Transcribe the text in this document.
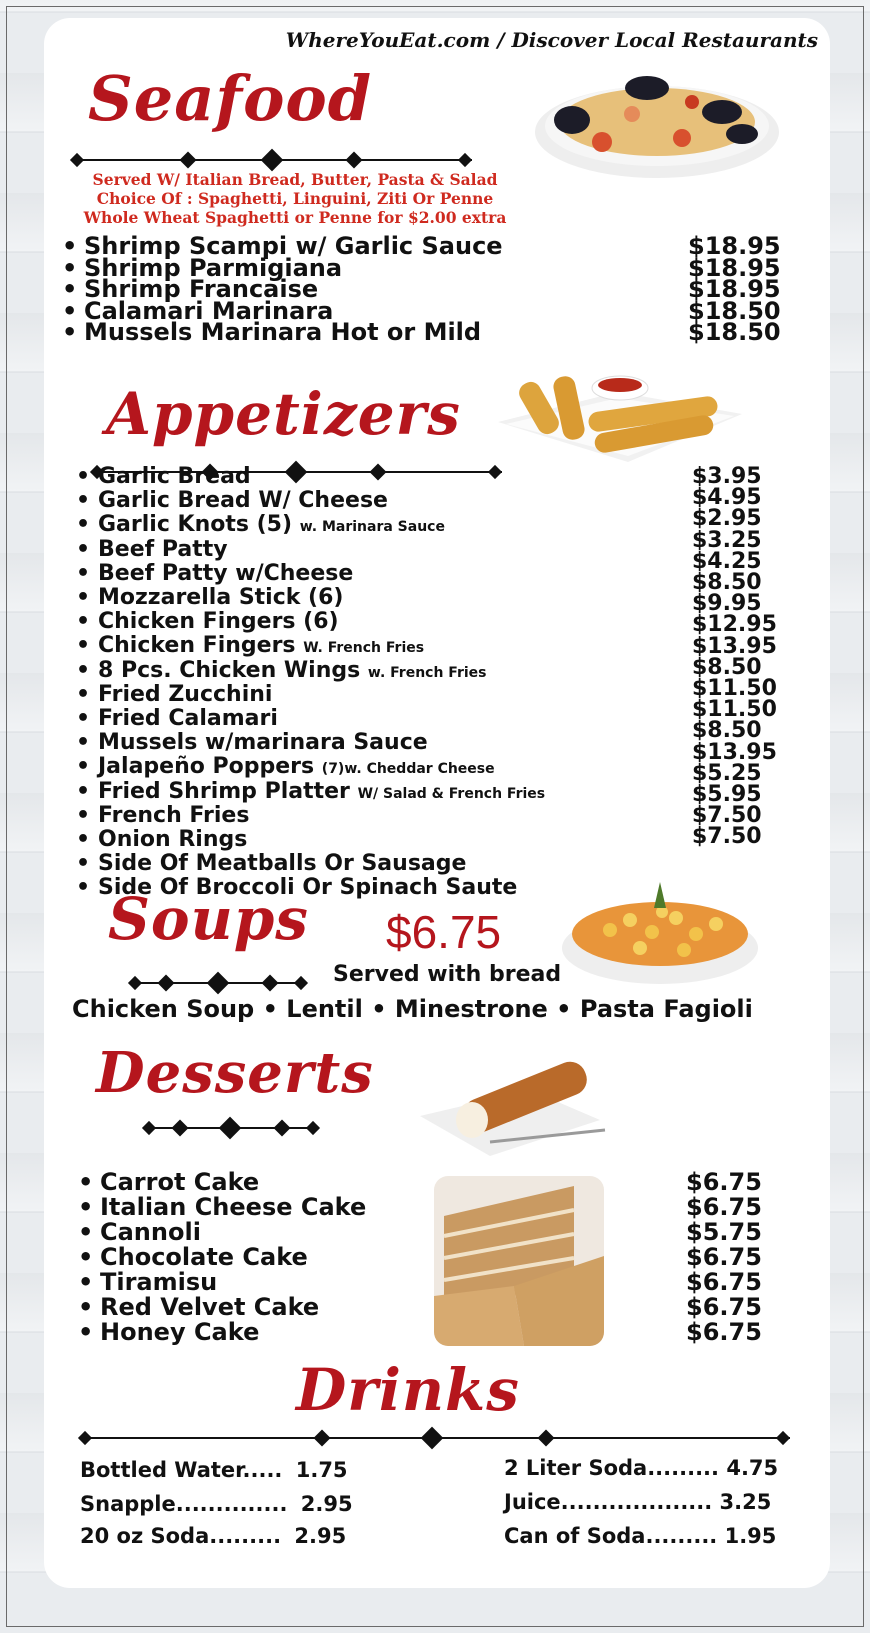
WhereYouEat.com / Discover Local Restaurants
Seafood
Served W/ Italian Bread, Butter, Pasta & Salad
Choice Of : Spaghetti, Linguini, Ziti Or Penne
Whole Wheat Spaghetti or Penne for $2.00 extra
• Shrimp Scampi w/ Garlic Sauce
• Shrimp Parmigiana
• Shrimp Francaise
• Calamari Marinara
• Mussels Marinara Hot or Mild
$18.95
$18.95
$18.95
$18.50
$18.50
Appetizers
• Garlic Bread
• Garlic Bread W/ Cheese
• Garlic Knots (5) w. Marinara Sauce
• Beef Patty
• Beef Patty w/Cheese
• Mozzarella Stick (6)
• Chicken Fingers (6)
• Chicken Fingers W. French Fries
• 8 Pcs. Chicken Wings w. French Fries
• Fried Zucchini
• Fried Calamari
• Mussels w/marinara Sauce
• Jalapeño Poppers (7)w. Cheddar Cheese
• Fried Shrimp Platter W/ Salad & French Fries
• French Fries
• Onion Rings
• Side Of Meatballs Or Sausage
• Side Of Broccoli Or Spinach Saute
$3.95
$4.95
$2.95
$3.25
$4.25
$8.50
$9.95
$12.95
$13.95
$8.50
$11.50
$11.50
$8.50
$13.95
$5.25
$5.95
$7.50
$7.50
Soups $6.75
Served with bread
Chicken Soup • Lentil • Minestrone • Pasta Fagioli
Desserts
• Carrot Cake
• Italian Cheese Cake
• Cannoli
• Chocolate Cake
• Tiramisu
• Red Velvet Cake
• Honey Cake
$6.75
$6.75
$5.75
$6.75
$6.75
$6.75
$6.75
Drinks
Bottled Water..... 1.75
Snapple.............. 2.95
20 oz Soda......... 2.95
2 Liter Soda......... 4.75
Juice................... 3.25
Can of Soda......... 1.95
